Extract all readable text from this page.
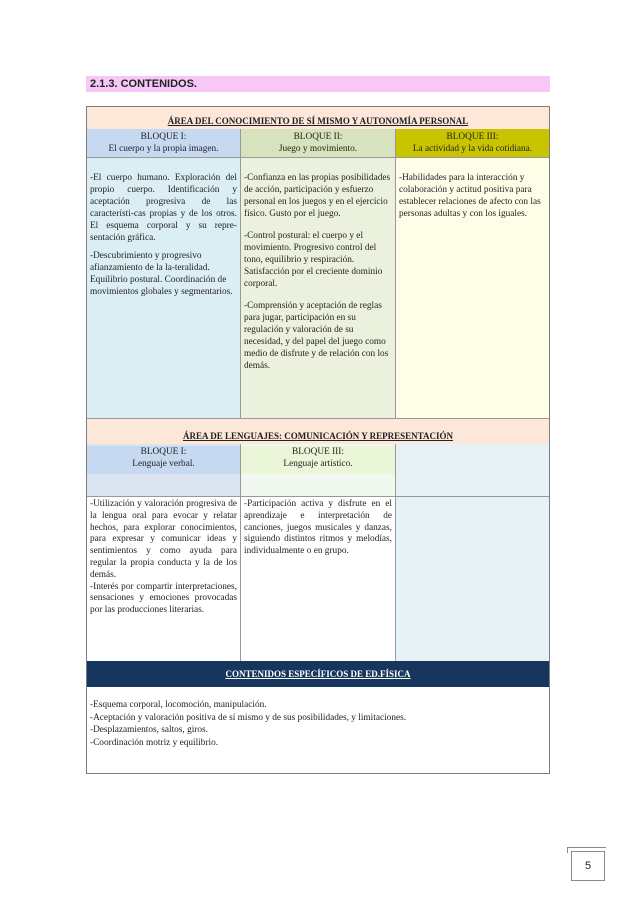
2.1.3. CONTENIDOS.
ÁREA DEL CONOCIMIENTO DE SÍ MISMO Y AUTONOMÍA PERSONAL
BLOQUE I:
El cuerpo y la propia imagen.
BLOQUE II:
Juego y movimiento.
BLOQUE III:
La actividad y la vida cotidiana.

-El cuerpo humano. Exploración del propio cuerpo. Identificación y aceptación progresiva de las característi-cas propias y de los otros. El esquema corporal y su repre-sentación gráfica.

-Descubrimiento y progresivo afianzamiento de la la-teralidad. Equilibrio postural. Coordinación de movimientos globales y segmentarios.

-Confianza en las propias posibilidades de acción, participación y esfuerzo personal en los juegos y en el ejercicio físico. Gusto por el juego.

-Control postural: el cuerpo y el movimiento. Progresivo control del tono, equilibrio y respiración. Satisfacción por el creciente dominio corporal.

-Comprensión y aceptación de reglas para jugar, participación en su regulación y valoración de su necesidad, y del papel del juego como medio de disfrute y de relación con los demás.

-Habilidades para la interacción y colaboración y actitud positiva para establecer relaciones de afecto con las personas adultas y con los iguales.

ÁREA DE LENGUAJES: COMUNICACIÓN Y REPRESENTACIÓN
BLOQUE I:
Lenguaje verbal.
BLOQUE III:
Lenguaje artístico.

-Utilización y valoración progresiva de la lengua oral para evocar y relatar hechos, para explorar conocimientos, para expresar y comunicar ideas y sentimientos y como ayuda para regular la propia conducta y la de los demás.

-Interés por compartir interpretaciones, sensaciones y emociones provocadas por las producciones literarias.

-Participación activa y disfrute en el aprendizaje e interpretación de canciones, juegos musicales y danzas, siguiendo distintos ritmos y melodías, individualmente o en grupo.

CONTENIDOS ESPECÍFICOS DE ED.FÍSICA
-Esquema corporal, locomoción, manipulación.
-Aceptación y valoración positiva de sí mismo y de sus posibilidades, y limitaciones.
-Desplazamientos, saltos, giros.
-Coordinación motriz y equilibrio.
5
